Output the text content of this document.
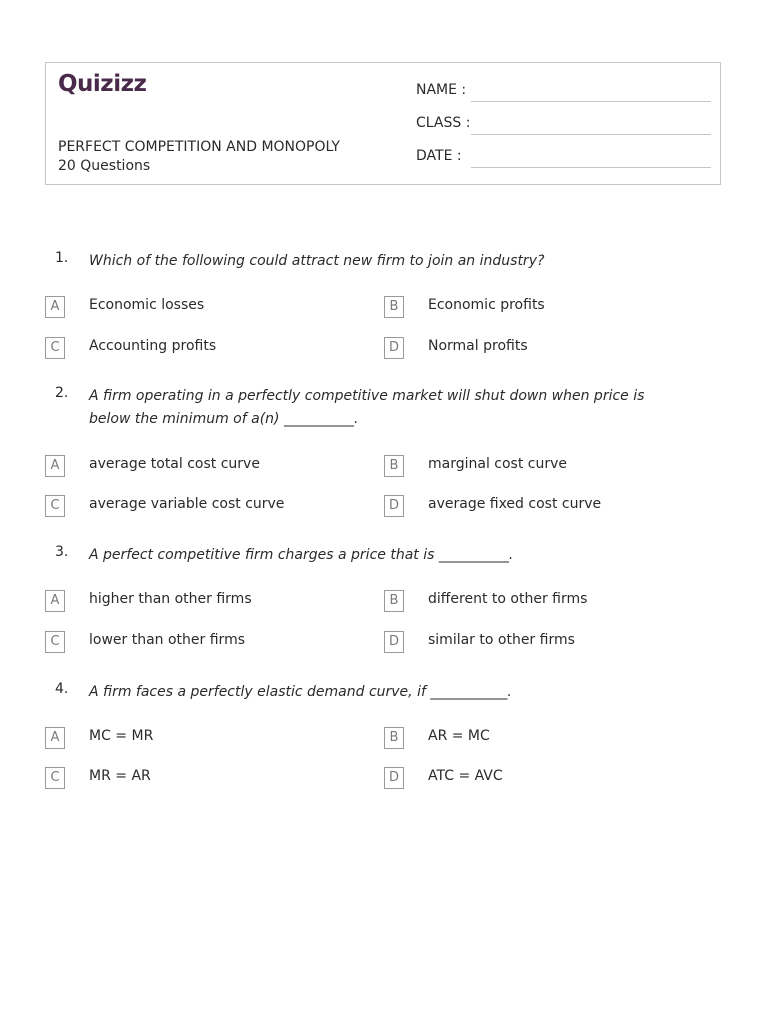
Quizizz
PERFECT COMPETITION AND MONOPOLY
20 Questions
NAME :
CLASS :
DATE :
1. Which of the following could attract new firm to join an industry?
A	Economic losses	B	Economic profits
C	Accounting profits	D	Normal profits
2. A firm operating in a perfectly competitive market will shut down when price is below the minimum of a(n) __________.
A	average total cost curve	B	marginal cost curve
C	average variable cost curve	D	average fixed cost curve
3. A perfect competitive firm charges a price that is __________.
A	higher than other firms	B	different to other firms
C	lower than other firms	D	similar to other firms
4. A firm faces a perfectly elastic demand curve, if ___________.
A	MC = MR	B	AR = MC
C	MR = AR	D	ATC = AVC
